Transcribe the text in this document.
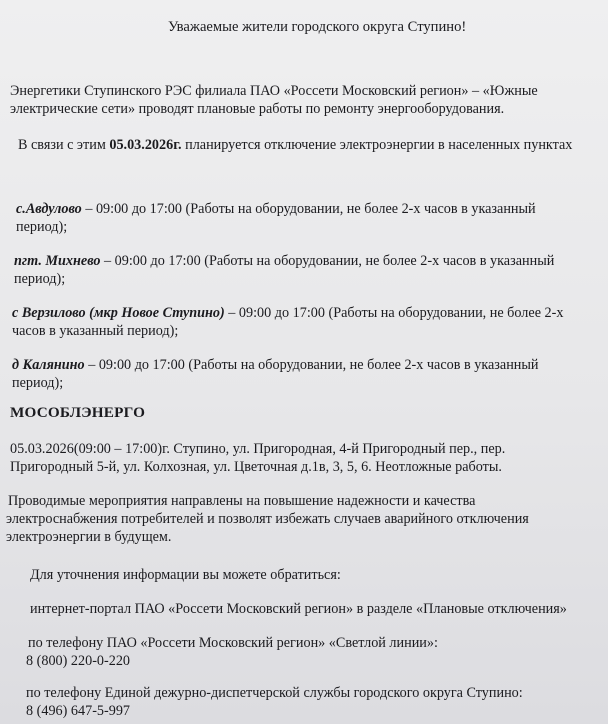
Уважаемые жители городского округа Ступино!
Энергетики Ступинского РЭС филиала ПАО «Россети Московский регион» – «Южные
электрические сети» проводят плановые работы по ремонту энергооборудования.
В связи с этим 05.03.2026г. планируется отключение электроэнергии в населенных пунктах
с.Авдулово – 09:00 до 17:00 (Работы на оборудовании, не более 2-х часов в указанный
период);
пгт. Михнево – 09:00 до 17:00 (Работы на оборудовании, не более 2-х часов в указанный
период);
с Верзилово (мкр Новое Ступино) – 09:00 до 17:00 (Работы на оборудовании, не более 2-х
часов в указанный период);
д Калянино – 09:00 до 17:00 (Работы на оборудовании, не более 2-х часов в указанный
период);
МОСОБЛЭНЕРГО
05.03.2026(09:00 – 17:00)г. Ступино, ул. Пригородная, 4-й Пригородный пер., пер.
Пригородный 5-й, ул. Колхозная, ул. Цветочная д.1в, 3, 5, 6. Неотложные работы.
Проводимые мероприятия направлены на повышение надежности и качества
электроснабжения потребителей и позволят избежать случаев аварийного отключения
электроэнергии в будущем.
Для уточнения информации вы можете обратиться:
интернет-портал ПАО «Россети Московский регион» в разделе «Плановые отключения»
по телефону ПАО «Россети Московский регион» «Светлой линии»:
8 (800) 220-0-220
по телефону Единой дежурно-диспетчерской службы городского округа Ступино:
8 (496) 647-5-997
